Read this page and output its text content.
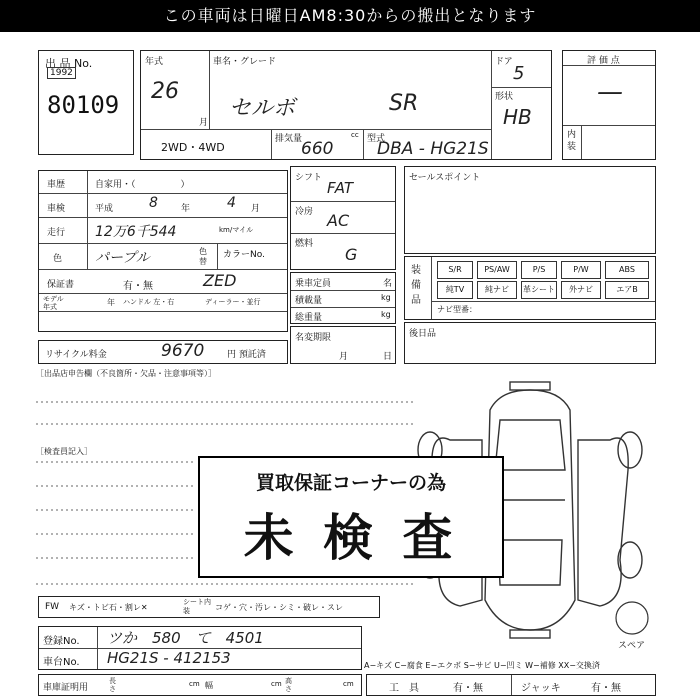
この車両は日曜日AM8:30からの搬出となります
出 品 No.
1992
80109
年式
26
月
車名・グレード
セルボ	SR
ドア
5
形状
HB
2WD・4WD
排気量
660
cc 型式
DBA - HG21S
評 価 点
—
内装
車歴	自家用・（　　　　　）
車検	平成	8	年	4 月
走行 12万6千544	km/マイル
色 パープル	色替
カラーNo.
保証書	有・無	ZED
モデル年式	年 ハンドル 左・右	ディーラー・並行
シフト
FAT
冷房 AC
燃料
G
乗車定員	名
積載量	kg
総重量	kg
名変期限
月	日
セールスポイント
装備品
S/R	PS/AW	P/S	P/W	ABS
純TV	純ナビ	革シート	外ナビ	エアB
ナビ型番：
後日品
リサイクル料金	9670	円 預託済
［出品店申告欄（不良箇所・欠品・注意事項等）］
［検査員記入］
スペア
買取保証コーナーの為
未 検 査
FW キズ・トビ石・割レ✕
シート内装	コゲ・穴・汚レ・シミ・破レ・スレ
登録No. ツか　580　て　4501
車台No. HG21S - 412153
車庫証明用
長さ
cm 幅	cm 高さ
cm
A−キズ C−腐食 E−エクボ S−サビ U−凹ミ W−補修 XX−交換済
工　具	有・無	ジャッキ	有・無
